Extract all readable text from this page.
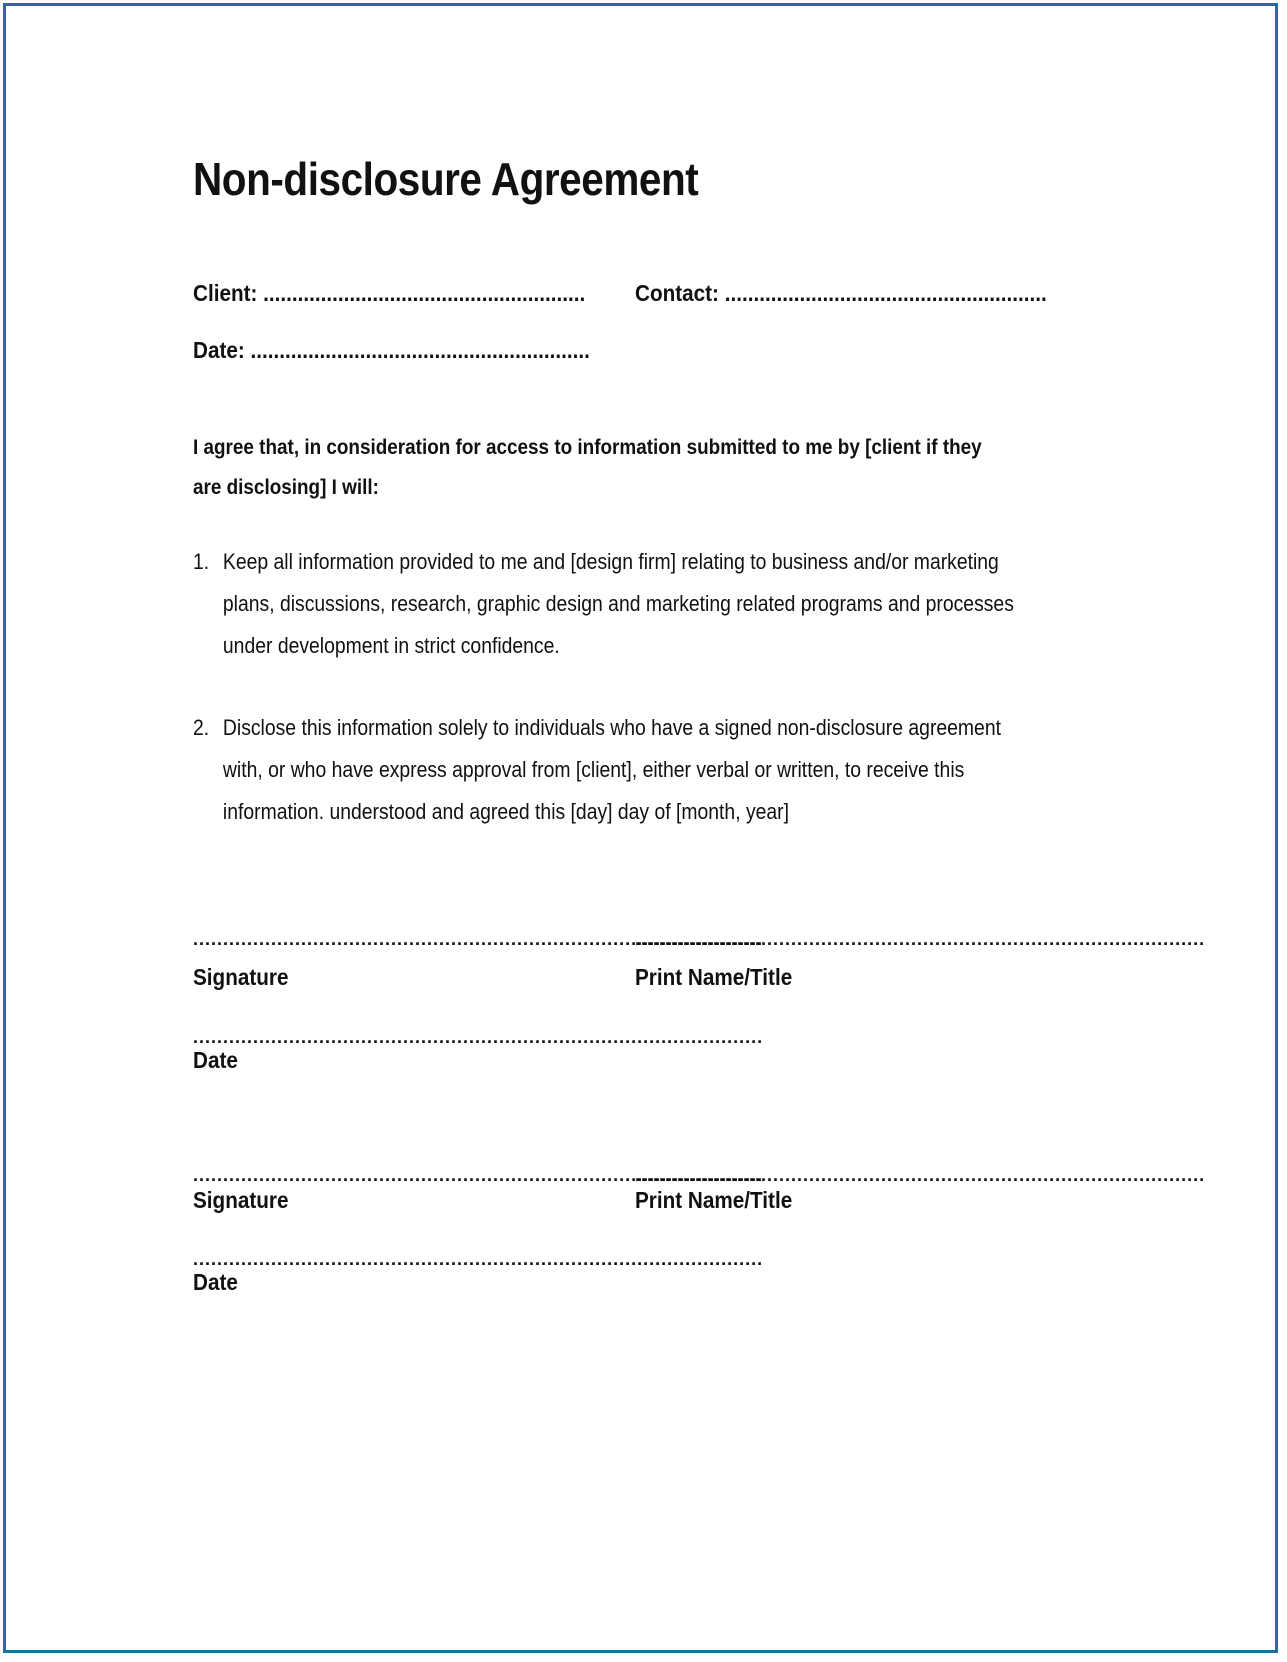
Non-disclosure Agreement
Client: ........................................................ Contact: ........................................................
Date: ...........................................................
I agree that, in consideration for access to information submitted to me by [client if they are disclosing] I will:
1. Keep all information provided to me and [design firm] relating to business and/or marketing plans, discussions, research, graphic design and marketing related programs and processes under development in strict confidence.
2. Disclose this information solely to individuals who have a signed non-disclosure agreement with, or who have express approval from [client], either verbal or written, to receive this information. understood and agreed this [day] day of [month, year]
...............................................................................................
...............................................................................................
Signature	Print Name/Title
...............................................................................................
Date
...............................................................................................
...............................................................................................
Signature	Print Name/Title
...............................................................................................
Date
